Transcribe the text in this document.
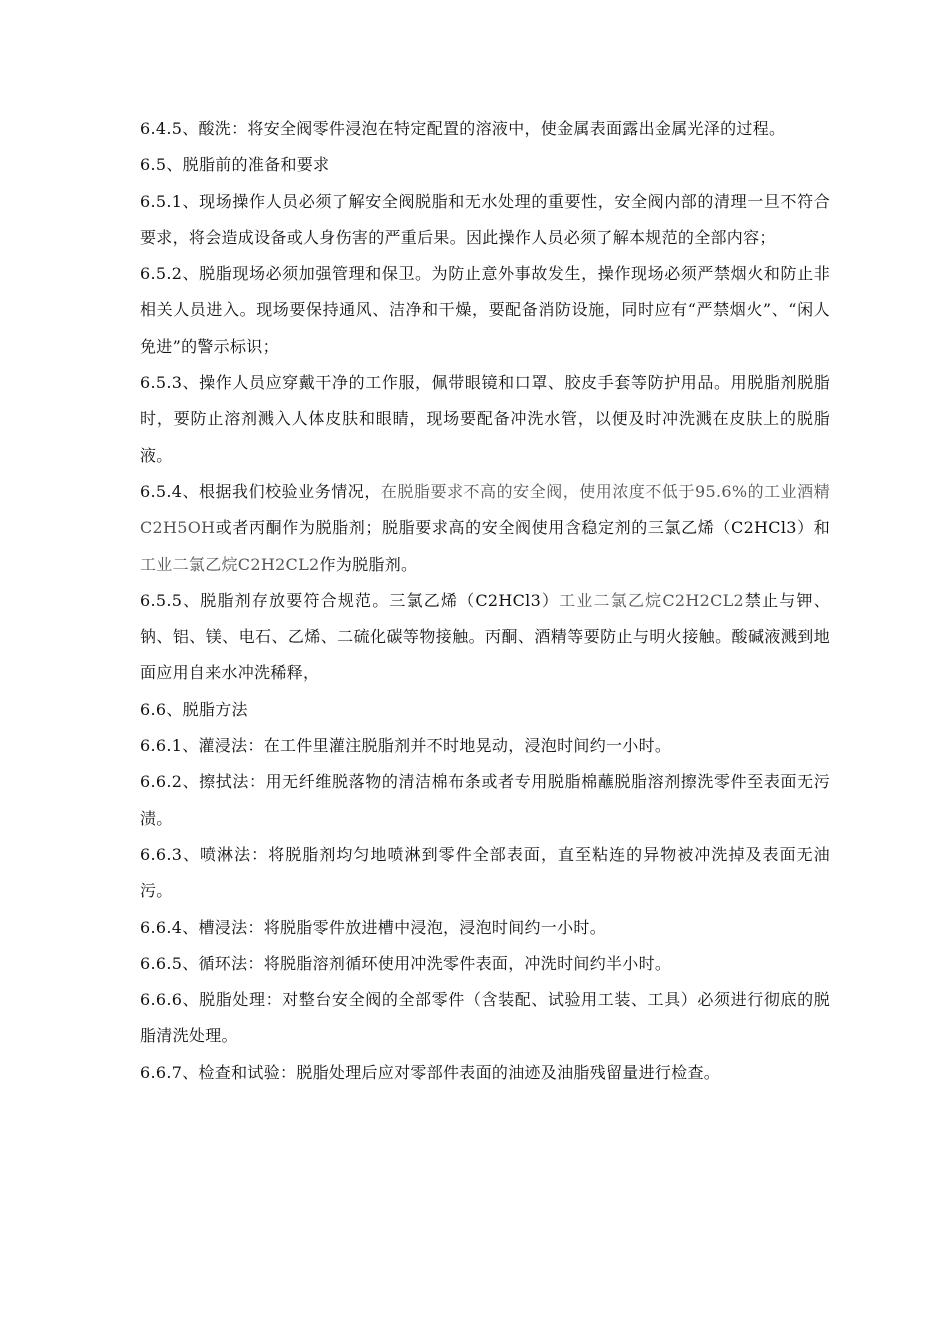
6.4.5、酸洗：将安全阀零件浸泡在特定配置的溶液中，使金属表面露出金属光泽的过程。

6.5、脱脂前的准备和要求

6.5.1、现场操作人员必须了解安全阀脱脂和无水处理的重要性，安全阀内部的清理一旦不符合要求，将会造成设备或人身伤害的严重后果。因此操作人员必须了解本规范的全部内容；

6.5.2、脱脂现场必须加强管理和保卫。为防止意外事故发生，操作现场必须严禁烟火和防止非相关人员进入。现场要保持通风、洁净和干燥，要配备消防设施，同时应有“严禁烟火”、“闲人免进”的警示标识；

6.5.3、操作人员应穿戴干净的工作服，佩带眼镜和口罩、胶皮手套等防护用品。用脱脂剂脱脂时，要防止溶剂溅入人体皮肤和眼睛，现场要配备冲洗水管，以便及时冲洗溅在皮肤上的脱脂液。

6.5.4、根据我们校验业务情况，在脱脂要求不高的安全阀，使用浓度不低于95.6%的工业酒精C2H5OH或者丙酮作为脱脂剂；脱脂要求高的安全阀使用含稳定剂的三氯乙烯（C2HCl3）和工业二氯乙烷C2H2CL2作为脱脂剂。

6.5.5、脱脂剂存放要符合规范。三氯乙烯（C2HCl3）工业二氯乙烷C2H2CL2禁止与钾、钠、铝、镁、电石、乙烯、二硫化碳等物接触。丙酮、酒精等要防止与明火接触。酸碱液溅到地面应用自来水冲洗稀释，

6.6、脱脂方法

6.6.1、灌浸法：在工件里灌注脱脂剂并不时地晃动，浸泡时间约一小时。

6.6.2、擦拭法：用无纤维脱落物的清洁棉布条或者专用脱脂棉蘸脱脂溶剂擦洗零件至表面无污渍。

6.6.3、喷淋法：将脱脂剂均匀地喷淋到零件全部表面，直至粘连的异物被冲洗掉及表面无油污。

6.6.4、槽浸法：将脱脂零件放进槽中浸泡，浸泡时间约一小时。

6.6.5、循环法：将脱脂溶剂循环使用冲洗零件表面，冲洗时间约半小时。

6.6.6、脱脂处理：对整台安全阀的全部零件（含装配、试验用工装、工具）必须进行彻底的脱脂清洗处理。

6.6.7、检查和试验：脱脂处理后应对零部件表面的油迹及油脂残留量进行检查。
